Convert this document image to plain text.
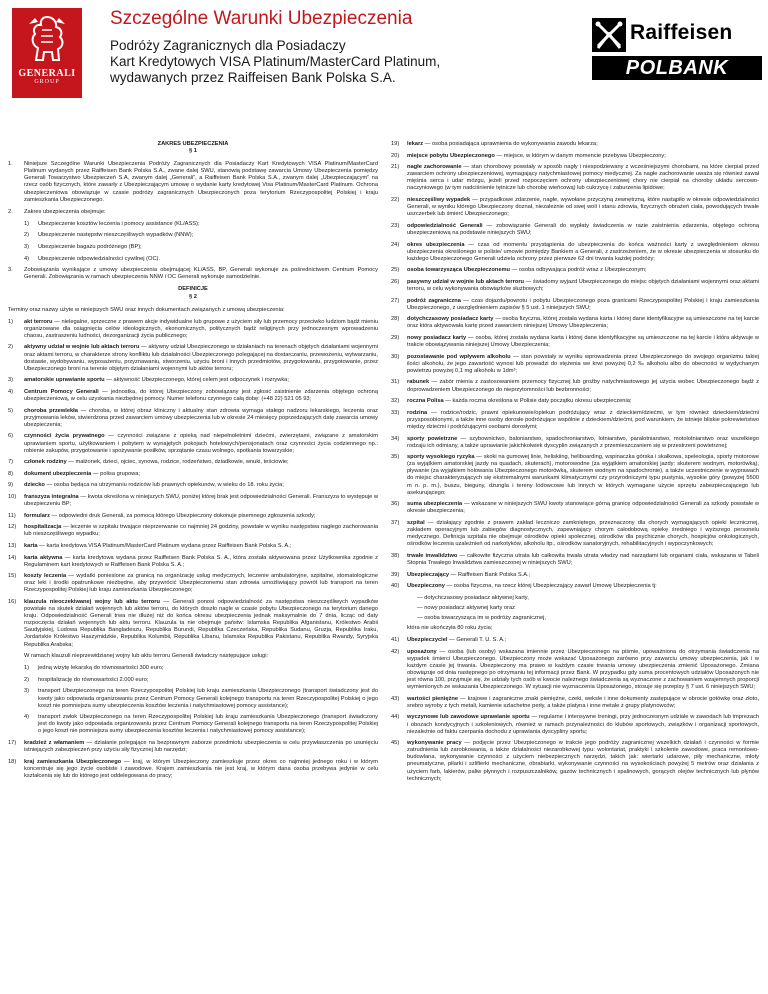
GENERALI
GROUP
Szczególne Warunki Ubezpieczenia

Podróży Zagranicznych dla Posiadaczy

Kart Kredytowych VISA Platinum/MasterCard Platinum,

wydawanych przez Raiffeisen Bank Polska S.A.

Raiffeisen
POLBANK
ZAKRES UBEZPIECZENIA
§ 1
1. Niniejsze Szczególne Warunki Ubezpieczenia Podróży Zagranicznych dla Posiadaczy Kart Kredytowych VISA Platinum/MasterCard Platinum wydanych przez Raiffeisen Bank Polska S.A., zwane dalej SWU, stanowią podstawę zawarcia Umowy Ubezpieczenia pomiędzy Generali Towarzystwo Ubezpieczeń S.A, zwanym dalej „Generali”, a Raiffeisen Bank Polska S.A., zwanym dalej „Ubezpieczającym” na rzecz osób fizycznych, które zawarły z Ubezpieczającym umowę o wydanie karty kredytowej Visa Platinum/MasterCard Platinum. Ochrona ubezpieczeniowa obowiązuje w czasie podróży zagranicznych Ubezpieczonych poza terytorium Rzeczypospolitej Polskiej i kraju zamieszkania Ubezpieczonego.
2. Zakres ubezpieczenia obejmuje:
1) Ubezpieczenie kosztów leczenia i pomocy assistance (KL/ASS);
2) Ubezpieczenie następstw nieszczęśliwych wypadków (NNW);
3) Ubezpieczenie bagażu podróżnego (BP);
4) Ubezpieczenie odpowiedzialności cywilnej (OC).
3. Zobowiązania wynikające z umowy ubezpieczenia obejmującej KL/ASS, BP, Generali wykonuje za pośrednictwem Centrum Pomocy Generali. Zobowiązania w ramach ubezpieczenia NNW i OC Generali wykonuje samodzielnie.
DEFINICJE
§ 2
Terminy oraz nazwy użyte w niniejszych SWU oraz innych dokumentach związanych z umową ubezpieczenia:
1) akt terroru — nielegalne, sprzeczne z prawem akcje indywidualne lub grupowe z użyciem siły lub przemocy przeciwko ludziom bądź mieniu organizowane dla osiągnięcia celów ideologicznych, ekonomicznych, politycznych bądź religijnych przy jednoczesnym wprowadzeniu chaosu, zastraszeniu ludności, dezorganizacji życia publicznego;
2) aktywny udział w wojnie lub aktach terroru — aktywny udział Ubezpieczonego w działaniach na terenach objętych działaniami wojennymi oraz aktami terroru, w charakterze strony konfliktu lub działalności Ubezpieczonego polegającej na dostarczaniu, przewożeniu, wytwarzaniu, dostawie, wydobywaniu, wyposażeniu, przyznawaniu, stworzeniu, użyciu broni i innych przedmiotów, przygotowaniu, przygotowanie, przez Ubezpieczonego broni na terenie objętym działaniami wojennymi lub aktów terroru;
3) amatorskie uprawianie sportu — aktywność Ubezpieczonego, której celem jest odpoczynek i rozrywka;
4) Centrum Pomocy Generali — jednostka, do której Ubezpieczony zobowiązany jest zgłosić zaistnienie zdarzenia objętego ochroną ubezpieczeniową, w celu uzyskania niezbędnej pomocy. Numer telefonu czynnego całą dobę: (+48 22) 521 05 93;
5) choroba przewlekła — choroba, w której obraz kliniczny i aktualny stan zdrowia wymaga stałego nadzoru lekarskiego, leczenia oraz przyjmowania leków, stwierdzona przed zawarciem umowy ubezpieczenia lub w okresie 24 miesięcy poprzedzających datę zawarcia umowy ubezpieczenia;
6) czynności życia prywatnego — czynności związane z opieką nad niepełnoletnimi dziećmi, zwierzętami, związane z amatorskim uprawianiem sportu, użytkowaniem i pobytem w wynajętych pokojach hotelowych/pensjonatach oraz czynności życia codziennego np.: robienie zakupów, przygotowanie i spożywanie posiłków, sprzątanie czasu wolnego, spotkania towarzyskie;
7) członek rodziny — małżonek, dzieci, ojciec, synowa, rodzice, rodzeństwo, dziadkowie, wnuki, teściowie;
8) dokument ubezpieczenia — polisa grupowa;
9) dziecko — osoba będąca na utrzymaniu rodziców lub prawnych opiekunów, w wieku do 18. roku życia;
10) franszyza integralna — kwota określona w niniejszych SWU, poniżej której brak jest odpowiedzialności Generali. Franszyza to występuje w ubezpieczeniu BP;
11) formularz — odpowiedni druk Generali, za pomocą którego Ubezpieczony dokonuje pisemnego zgłoszenia szkody;
12) hospitalizacja — leczenie w szpitalu trwające nieprzerwanie co najmniej 24 godziny, powstałe w wyniku następstwa nagłego zachorowania lub nieszczęśliwego wypadku;
13) karta — karta kredytowa VISA Platinum/MasterCard Platinum wydana przez Raiffeisen Bank Polska S. A.;
14) karta aktywna — karta kredytowa wydana przez Raiffeisen Bank Polska S. A., która została aktywowana przez Użytkownika zgodnie z Regulaminem kart kredytowych w Raiffeisen Bank Polska S. A.;
15) koszty leczenia — wydatki poniesione za granicą na organizację usług medycznych, leczenie ambulatoryjne, szpitalne, stomatologiczne oraz leki i środki opatrunkowe niezbędne, aby przywrócić Ubezpieczonemu stan zdrowia umożliwiający powrót lub transport na teren Rzeczypospolitej Polskiej lub kraju zamieszkania Ubezpieczonego;
16) klauzula nieoczekiwanej wojny lub aktu terroru — Generali ponosi odpowiedzialność za następstwa nieszczęśliwych wypadków powstałe na skutek działań wojennych lub aktów terroru, do których doszło nagle w czasie pobytu Ubezpieczonego na terytorium danego kraju. Odpowiedzialność Generali trwa nie dłużej niż do końca okresu ubezpieczenia jednak maksymalnie do 7 dnia, licząc od daty rozpoczęcia działań wojennych lub aktu terroru. Klauzula ta nie obejmuje państw: Islamska Republika Afganistanu, Królestwo Arabii Saudyjskiej, Ludowa Republika Bangladeszu, Republika Burundi, Republika Czeczeńska, Republika Sudanu, Gruzja, Republika Iraku, Jordańskie Królestwo Haszymidzkie, Republika Kolumbii, Republika Libanu, Islamska Republika Pakistanu, Republika Rwandy, Syryjska Republika Arabska;
W ramach klauzuli nieprzewidzianej wojny lub aktu terroru Generali świadczy następujące usługi:
1) jedną wizytę lekarską do równowartości 300 euro;
2) hospitalizację do równowartości 2.000 euro;
3) transport Ubezpieczonego na teren Rzeczypospolitej Polskiej lub kraju zamieszkania Ubezpieczonego (transport świadczony jest do kwoty jako odpowiada organizowaniu przez Centrum Pomocy Generali kolejnego transportu na teren Rzeczypospolitej Polskiej o jego koszt nie pomniejsza sumy ubezpieczenia kosztów leczenia i natychmiastowej pomocy assistance);
4) transport zwłok Ubezpieczonego na teren Rzeczypospolitej Polskiej lub kraju zamieszkania Ubezpieczonego (transport świadczony jest do kwoty jako odpowiada organizowaniu przez Centrum Pomocy Generali kolejnego transportu na teren Rzeczypospolitej Polskiej o jego koszt nie pomniejsza sumy ubezpieczenia kosztów leczenia i natychmiastowej pomocy assistance);
17) kradzież z włamaniem — działanie polegające na bezprawnym zaborze przedmiotu ubezpieczenia w celu przywłaszczenia po usunięciu istniejących zabezpieczeń przy użyciu siły fizycznej lub narzędzi;
18) kraj zamieszkania Ubezpieczonego — kraj, w którym Ubezpieczony zamieszkuje przez okres co najmniej jednego roku i w którym koncentruje się jego życie osobiste i zawodowe. Krajem zamieszkania nie jest kraj, w którym dana osoba przebywa jedynie w celu kształcenia się lub do którego jest oddelegowana do pracy;
19) lekarz — osoba posiadająca uprawnienia do wykonywania zawodu lekarza;
20) miejsce pobytu Ubezpieczonego — miejsce, w którym w danym momencie przebywa Ubezpieczony;
21) nagłe zachorowanie — stan chorobowy powstały w sposób nagły i niespodziewany z wcześniejszymi chorobami, na które cierpiał przed zawarciem ochrony ubezpieczeniowej, wymagający natychmiastowej pomocy medycznej. Za nagłe zachorowanie uważa się również zawał mięśnia serca i udar mózgu, jeżeli przed rozpoczęciem ochrony ubezpieczeniowej chory nie cierpiał na choroby układu sercowo-naczyniowego (w tym nadciśnienie tętnicze lub chorobę wieńcową) lub cukrzycę i zaburzenia lipidowe;
22) nieszczęśliwy wypadek — przypadkowe zdarzenie, nagłe, wywołane przyczyną zewnętrzną, które nastąpiło w okresie odpowiedzialności Generali, w wyniku którego Ubezpieczony doznał, niezależnie od swej woli i stanu zdrowia, fizycznych obrażeń ciała, powodujących trwałe uszczerbek lub śmierć Ubezpieczonego;
23) odpowiedzialność Generali — zobowiązanie Generali do wypłaty świadczenia w razie zaistnienia zdarzenia, objętego ochroną ubezpieczeniową na podstawie niniejszych SWU;
24) okres ubezpieczenia — czas od momentu przystąpienia do ubezpieczenia do końca ważności karty z uwzględnieniem okresu ubezpieczenia określonego w polisie/ umowie pomiędzy Bankiem a Generali, z zastrzeżeniem, że w okresie ubezpieczenia w stosunku do każdego Ubezpieczonego Generali udziela ochrony przez pierwsze 62 dni trwania każdej podróży;
25) osoba towarzysząca Ubezpieczonemu — osoba odbywająca podróż wraz z Ubezpieczonym;
26) pasywny udział w wojnie lub aktach terroru — świadomy wyjazd Ubezpieczonego do miejsc objętych działaniami wojennymi oraz aktami terroru, w celu wykonywania obowiązków służbowych;
27) podróż zagraniczna — czas dojazdu/powrotu i pobytu Ubezpieczonego poza granicami Rzeczypospolitej Polskiej i kraju zamieszkania Ubezpieczonego, z uwzględnieniem zapisów § 5 ust. 1 niniejszych SWU;
28) dotychczasowy posiadacz karty — osoba fizyczna, której została wydana karta i której dane identyfikacyjne są umieszczone na tej karcie oraz która aktywowała kartę przed zawarciem niniejszej Umowy Ubezpieczenia;
29) nowy posiadacz karty — osoba, której została wydana karta i której dane identyfikacyjne są umieszczone na tej karcie i która aktywuje w trakcie obowiązywania niniejszej Umowy Ubezpieczenia;
30) pozostawanie pod wpływem alkoholu — stan powstały w wyniku wprowadzenia przez Ubezpieczonego do swojego organizmu takiej ilości alkoholu, że jego zawartość wynosi lub prowadzi do stężenia we krwi powyżej 0,2 ‰ alkoholu albo do obecności w wydychanym powietrzu powyżej 0,1 mg alkoholu w 1dm³;
31) rabunek — zabór mienia z zastosowaniem przemocy fizycznej lub groźby natychmiastowego jej użycia wobec Ubezpieczonego bądź z doprowadzeniem Ubezpieczonego do nieprzytomności lub bezbronności;
32) roczna Polisa — każda roczna określona w Polisie daty początku okresu ubezpieczenia;
33) rodzina — rodzice/rodzic, prawni opiekunowie/opiekun podróżujący wraz z dzieckiem/dziećmi, w tym również dzieckiem/dziećmi przysposobionymi, a także inne osoby dorosłe podróżujące wspólnie z dzieckiem/dziećmi, pod warunkiem, że istnieje bliskie pokrewieństwo między dziećmi i podróżującymi osobami dorosłymi;
34) sporty powietrzne — szybownictwo, baloniarstwo, spadochroniarstwo, lotniarstwo, paralotniarstwo, motolotniarstwo oraz wszelkiego rodzaju ich odmiany, a także uprawianie jakichkolwiek dyscyplin związanych z przemieszczaniem się w przestrzeni powietrznej;
35) sporty wysokiego ryzyka — skoki na gumowej linie, heliskiing, heliboarding, wspinaczka górska i skałkowa, speleologia, sporty motorowe (za wyjątkiem amatorskiej jazdy na quadach, skuterach), motorowodne (za wyjątkiem amatorskiej jazdy: skuterem wodnym, motorówką), pływanie (za wyjątkiem holowania Ubezpieczonego motorówką, skuterem wodnym na spadochronie), a także uczestniczenie w wyprawach do miejsc charakteryzujących się ekstremalnymi warunkami klimatycznymi czy przyrodniczymi typu pustynia, wysokie góry (powyżej 5500 m n. p. m.), buszu, bieguny, dżungla i tereny lodowcowe lub innych w których wymagane użycie sprzętu zabezpieczającego lub asekurującego;
36) suma ubezpieczenia — wskazane w niniejszych SWU kwoty stanowiące górną granicę odpowiedzialności Generali za szkody powstałe w okresie ubezpieczenia;
37) szpital — działający zgodnie z prawem zakład leczniczo zamkniętego, przeznaczony dla chorych wymagających opieki lecznicznej, zakładem operacyjnym lub zabiegów diagnostycznych, zapewniający chorym całodobową opiekę średniego i wyższego personelu medycznego. Definicja szpitala nie obejmuje ośrodków opieki społecznej, ośrodków dla psychicznie chorych, hospicjów onkologicznych, ośrodków leczenia uzależnień od narkotyków, alkoholu itp., ośrodków sanatoryjnych, rehabilitacyjnych i wypoczynkowych;
38) trwałe inwalidztwo — całkowite fizyczna utrata lub całkowita trwała utrata władzy nad narządami lub organami ciała, wskazana w Tabeli Stopnia Trwałego Inwalidztwa zamieszczonej w niniejszych SWU;
39) Ubezpieczający — Raiffeisen Bank Polska S.A.;
40) Ubezpieczony — osoba fizyczna, na rzecz której Ubezpieczający zawarł Umowę Ubezpieczenia tj:
— dotychczasowy posiadacz aktywnej karty,
— nowy posiadacz aktywnej karty oraz
— osoba towarzysząca im w podróży zagranicznej,
która nie ukończyła 80 roku życia;
41) Ubezpieczyciel — Generali T. U. S. A.;
42) uposażony — osoba (lub osoby) wskazana imiennie przez Ubezpieczonego na piśmie, upoważniona do otrzymania świadczenia na wypadek śmierci Ubezpieczonego. Ubezpieczony może wskazać Uposażonego zarówno przy zawarciu umowy ubezpieczenia, jak i w każdym czasie jej trwania. Ubezpieczony ma prawo w każdym czasie trwania umowy ubezpieczenia zmienić Uposażonego. Zmiana obowiązuje od dnia następnego po otrzymaniu tej informacji przez Bank. W przypadku gdy suma procentowych udziałów Uposażonych nie jest równa 100, przyjmuje się, że udziały tych osób w kwocie należnego świadczenia są wyznaczone z zachowaniem wzajemnych proporcji wymienionych ze wskazania Ubezpieczonego. W sytuacji nie wyznaczenia Uposażonego, stosuje się przepisy § 7 ust. 6 niniejszych SWU;
43) wartości pieniężne — krajowe i zagraniczne znaki pieniężne, czeki, weksle i inne dokumenty zastępujące w obrocie gotówkę oraz złoto, srebro wyroby z tych metali, kamienie szlachetne perły, a także platyna i inne metale z grupy platynowców;
44) wyczynowe lub zawodowe uprawianie sportu — regularne i intensywne treningi, przy jednoczesnym udziale w zawodach lub imprezach i obozach kondycyjnych i szkoleniowych, również w ramach przynależności do klubów sportowych, związków i organizacji sportowych, niezależnie od faktu czerpania dochodu z uprawiania dyscypliny sportu;
45) wykonywanie pracy — podjęcie przez Ubezpieczonego w trakcie jego podróży zagranicznej wszelkich działań i czynności w formie zatrudnienia lub zarobkowania, a także działalności niezarobkowej typu: wolontariat, praktyki i szkolenie zawodowe, praca remontowo-budowlana, wykonywanie czynności z użyciem niebezpiecznych narzędzi, takich jak: wiertarki udarowe, piły mechaniczne, młoty pneumatyczne, piłarki i szlifierki mechaniczne, obrabiarki, wykonywanie czynności na wysokościach powyżej 5 metrów oraz działania z użyciem farb, lakierów, paliw płynnych i rozpuszczalników, gazów technicznych i spalinowych, gorących olejów technicznych lub płynów technicznych;
